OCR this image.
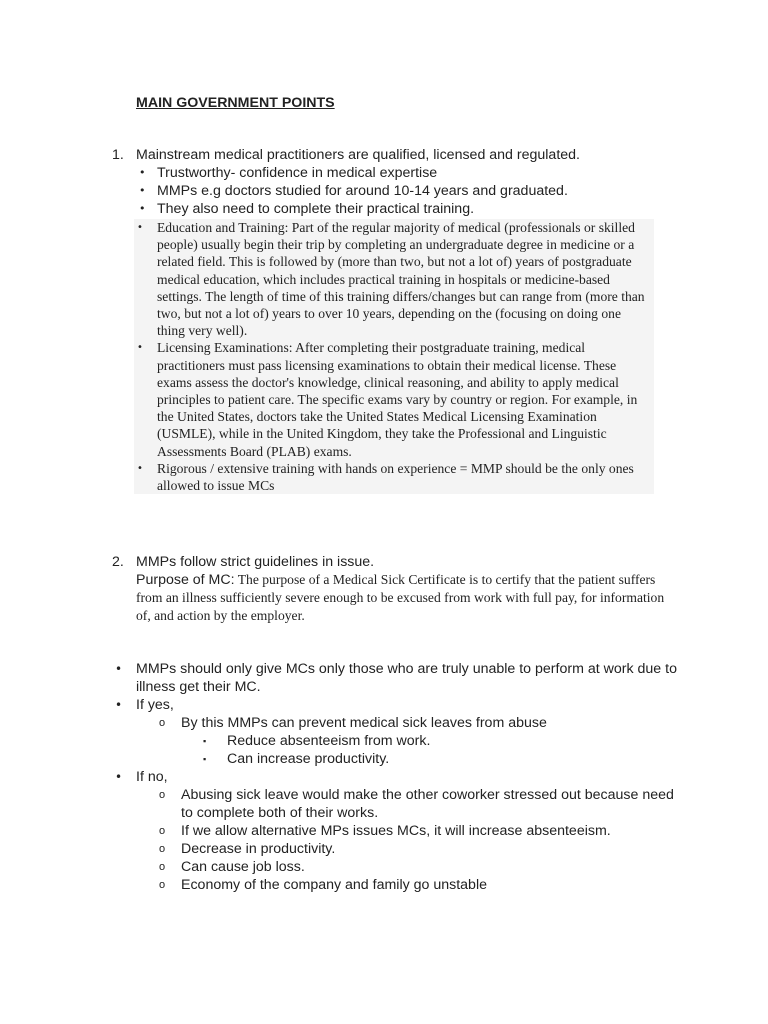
MAIN GOVERNMENT POINTS
1. Mainstream medical practitioners are qualified, licensed and regulated.
• Trustworthy- confidence in medical expertise
• MMPs e.g doctors studied for around 10-14 years and graduated.
• They also need to complete their practical training.
• Education and Training: Part of the regular majority of medical (professionals or skilled people) usually begin their trip by completing an undergraduate degree in medicine or a related field. This is followed by (more than two, but not a lot of) years of postgraduate medical education, which includes practical training in hospitals or medicine-based settings. The length of time of this training differs/changes but can range from (more than two, but not a lot of) years to over 10 years, depending on the (focusing on doing one thing very well).
• Licensing Examinations: After completing their postgraduate training, medical practitioners must pass licensing examinations to obtain their medical license. These exams assess the doctor's knowledge, clinical reasoning, and ability to apply medical principles to patient care. The specific exams vary by country or region. For example, in the United States, doctors take the United States Medical Licensing Examination (USMLE), while in the United Kingdom, they take the Professional and Linguistic Assessments Board (PLAB) exams.
• Rigorous / extensive training with hands on experience = MMP should be the only ones allowed to issue MCs
2. MMPs follow strict guidelines in issue.
Purpose of MC: The purpose of a Medical Sick Certificate is to certify that the patient suffers from an illness sufficiently severe enough to be excused from work with full pay, for information of, and action by the employer.
• MMPs should only give MCs only those who are truly unable to perform at work due to illness get their MC.
• If yes,
o By this MMPs can prevent medical sick leaves from abuse
▪ Reduce absenteeism from work.
▪ Can increase productivity.
• If no,
o Abusing sick leave would make the other coworker stressed out because need to complete both of their works.
o If we allow alternative MPs issues MCs, it will increase absenteeism.
o Decrease in productivity.
o Can cause job loss.
o Economy of the company and family go unstable
